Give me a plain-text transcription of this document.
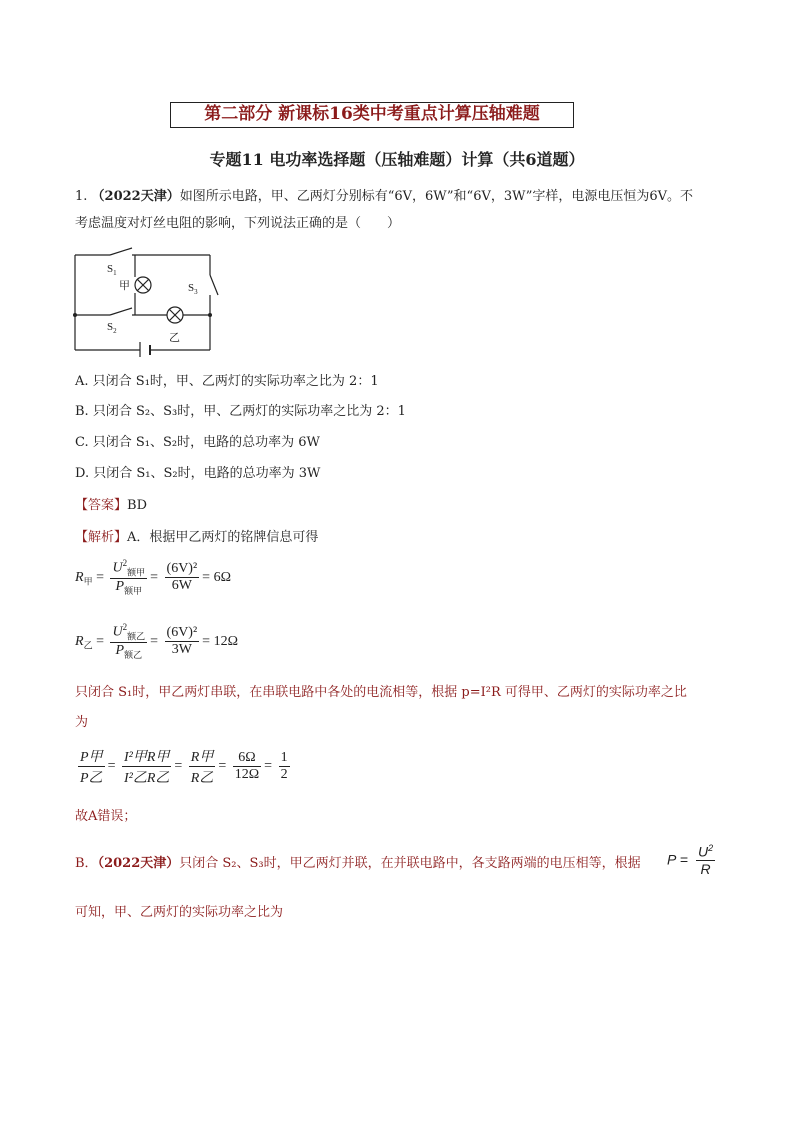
第二部分 新课标16类中考重点计算压轴难题
专题11 电功率选择题（压轴难题）计算（共6道题）
1. （2022天津）如图所示电路，甲、乙两灯分别标有“6V，6W”和“6V，3W”字样，电源电压恒为6V。不
考虑温度对灯丝电阻的影响，下列说法正确的是（　　）
$S_1$
甲	$S_3$
$S_2$
乙
A. 只闭合 S₁时，甲、乙两灯的实际功率之比为 2：1
B. 只闭合 S₂、S₃时，甲、乙两灯的实际功率之比为 2：1
C. 只闭合 S₁、S₂时，电路的总功率为 6W
D. 只闭合 S₁、S₂时，电路的总功率为 3W
【答案】BD
【解析】A．根据甲乙两灯的铭牌信息可得
$R_甲 = \frac{U^2_{额甲}}{P_{额甲}} = \frac{\text{(6V)²}}{6W} = 6\Omega$
$R_乙 = \frac{U^2_{额乙}}{P_{额乙}} = \frac{\text{(6V)²}}{3W} = 12\Omega$
只闭合 S₁时，甲乙两灯串联，在串联电路中各处的电流相等，根据 p=I²R 可得甲、乙两灯的实际功率之比
为
$\frac{\text{P甲}}{\text{P乙}} = \frac{\text{I²甲R甲}}{\text{I²乙R乙}} = \frac{\text{R甲}}{\text{R乙}} = \frac{6\Omega}{12\Omega} = \frac{1}{2}$
故A错误；
B．（2022天津）只闭合 S₂、S₃时，甲乙两灯并联，在并联电路中，各支路两端的电压相等，根据 $P = \frac{U^2}{R}$
可知，甲、乙两灯的实际功率之比为
